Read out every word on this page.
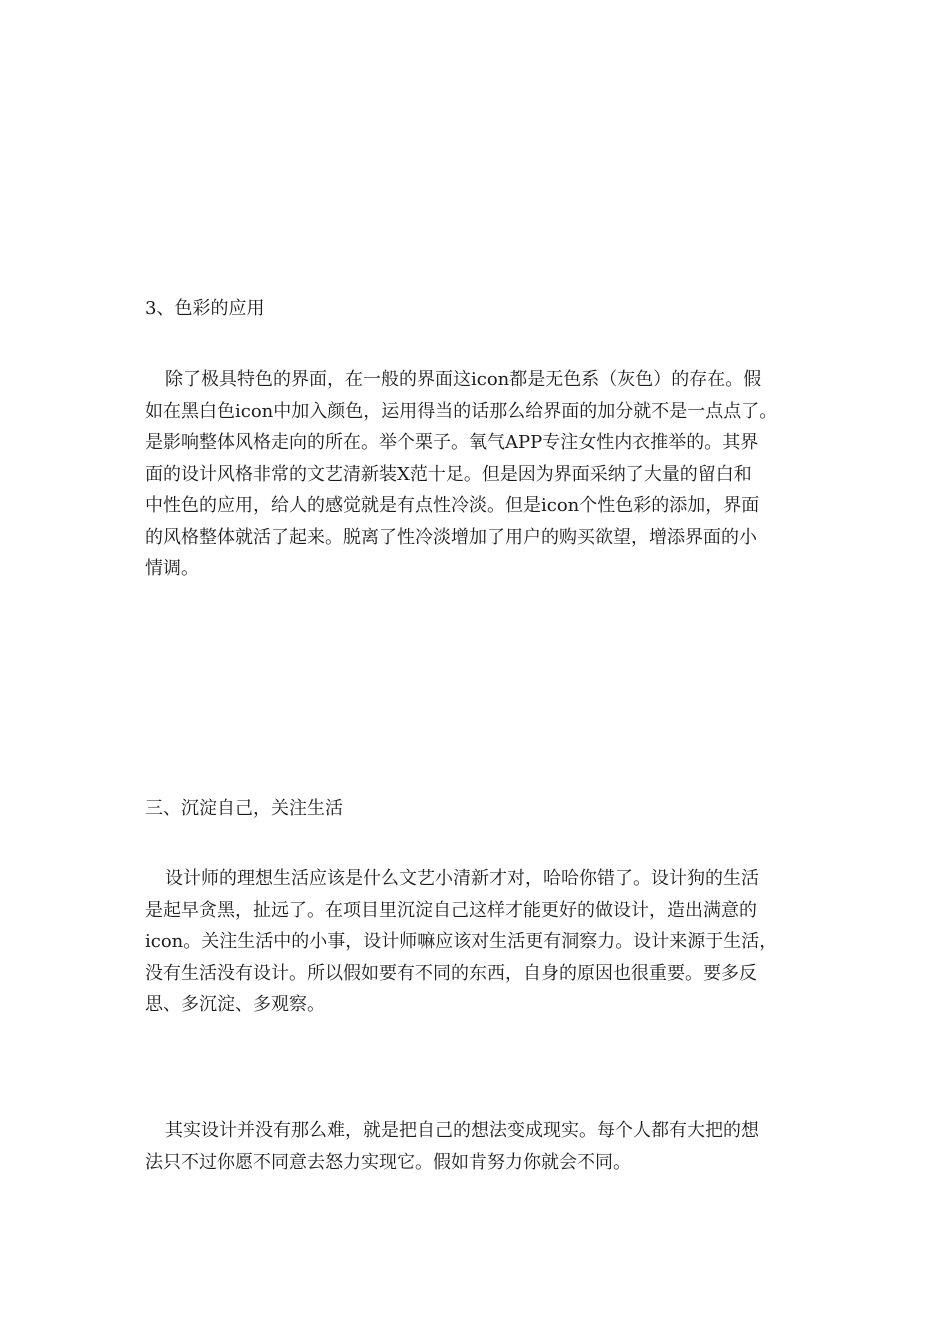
3、色彩的应用
除了极具特色的界面，在一般的界面这icon都是无色系（灰色）的存在。假
如在黑白色icon中加入颜色，运用得当的话那么给界面的加分就不是一点点了。
是影响整体风格走向的所在。举个栗子。氧气APP专注女性内衣推举的。其界
面的设计风格非常的文艺清新装X范十足。但是因为界面采纳了大量的留白和
中性色的应用，给人的感觉就是有点性冷淡。但是icon个性色彩的添加，界面
的风格整体就活了起来。脱离了性冷淡增加了用户的购买欲望，增添界面的小
情调。
三、沉淀自己，关注生活
设计师的理想生活应该是什么文艺小清新才对，哈哈你错了。设计狗的生活
是起早贪黑，扯远了。在项目里沉淀自己这样才能更好的做设计，造出满意的
icon。关注生活中的小事，设计师嘛应该对生活更有洞察力。设计来源于生活，
没有生活没有设计。所以假如要有不同的东西，自身的原因也很重要。要多反
思、多沉淀、多观察。
其实设计并没有那么难，就是把自己的想法变成现实。每个人都有大把的想
法只不过你愿不同意去怒力实现它。假如肯努力你就会不同。
